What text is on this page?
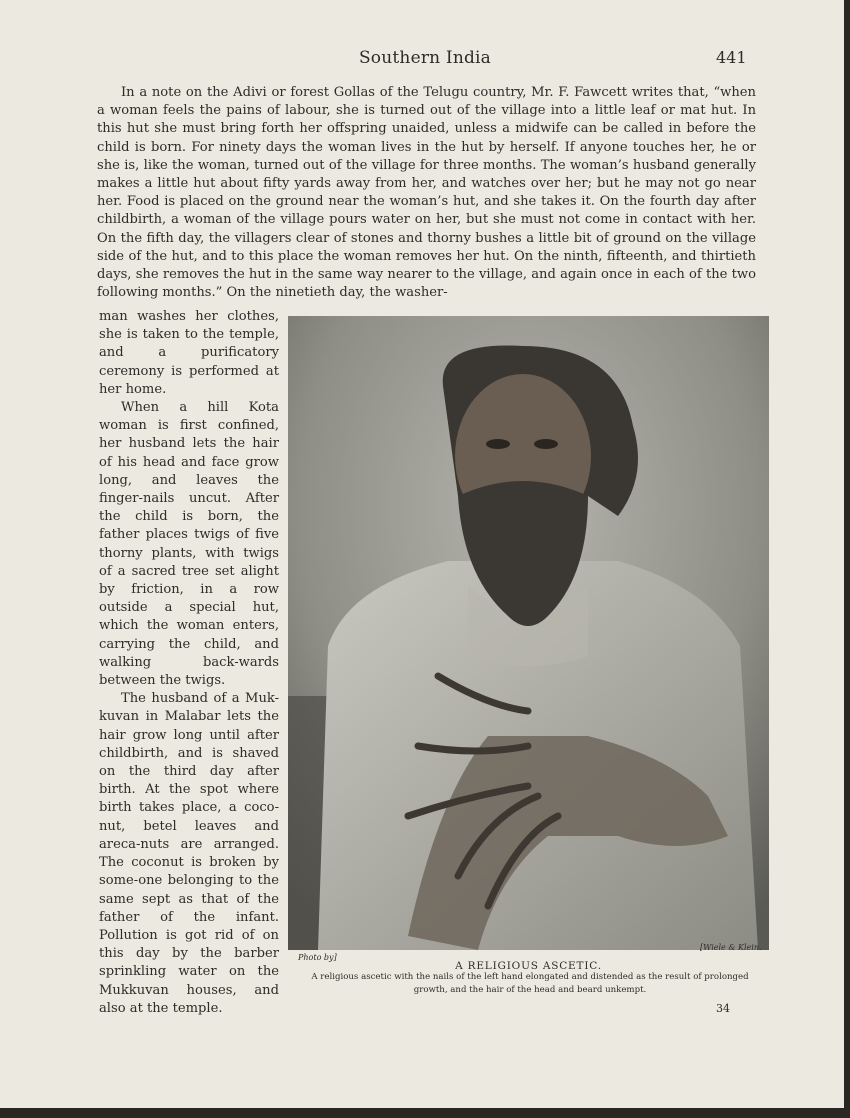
Southern India	441
In a note on the Adivi or forest Gollas of the Telugu country, Mr. F. Fawcett writes that, “when a woman feels the pains of labour, she is turned out of the village into a little leaf or mat hut. In this hut she must bring forth her offspring unaided, unless a midwife can be called in before the child is born. For ninety days the woman lives in the hut by herself. If anyone touches her, he or she is, like the woman, turned out of the village for three months. The woman’s husband generally makes a little hut about fifty yards away from her, and watches over her; but he may not go near her. Food is placed on the ground near the woman’s hut, and she takes it. On the fourth day after childbirth, a woman of the village pours water on her, but she must not come in contact with her. On the fifth day, the villagers clear of stones and thorny bushes a little bit of ground on the village side of the hut, and to this place the woman removes her hut. On the ninth, fifteenth, and thirtieth days, she removes the hut in the same way nearer to the village, and again once in each of the two following months.” On the ninetieth day, the washer-

man washes her clothes, she is taken to the temple, and a purificatory ceremony is performed at her home.

When a hill Kota woman is first confined, her husband lets the hair of his head and face grow long, and leaves the finger-nails uncut. After the child is born, the father places twigs of five thorny plants, with twigs of a sacred tree set alight by friction, in a row outside a special hut, which the woman enters, carrying the child, and walking back-wards between the twigs.

The husband of a Muk-kuvan in Malabar lets the hair grow long until after childbirth, and is shaved on the third day after birth. At the spot where birth takes place, a coco-nut, betel leaves and areca-nuts are arranged. The coconut is broken by some-one belonging to the same sept as that of the father of the infant. Pollution is got rid of on this day by the barber sprinkling water on the Mukkuvan houses, and also at the temple.

Photo by]
[Wiele & Klein.
A RELIGIOUS ASCETIC.
A religious ascetic with the nails of the left hand elongated and distended as the result of prolonged growth, and the hair of the head and beard unkempt.
34
